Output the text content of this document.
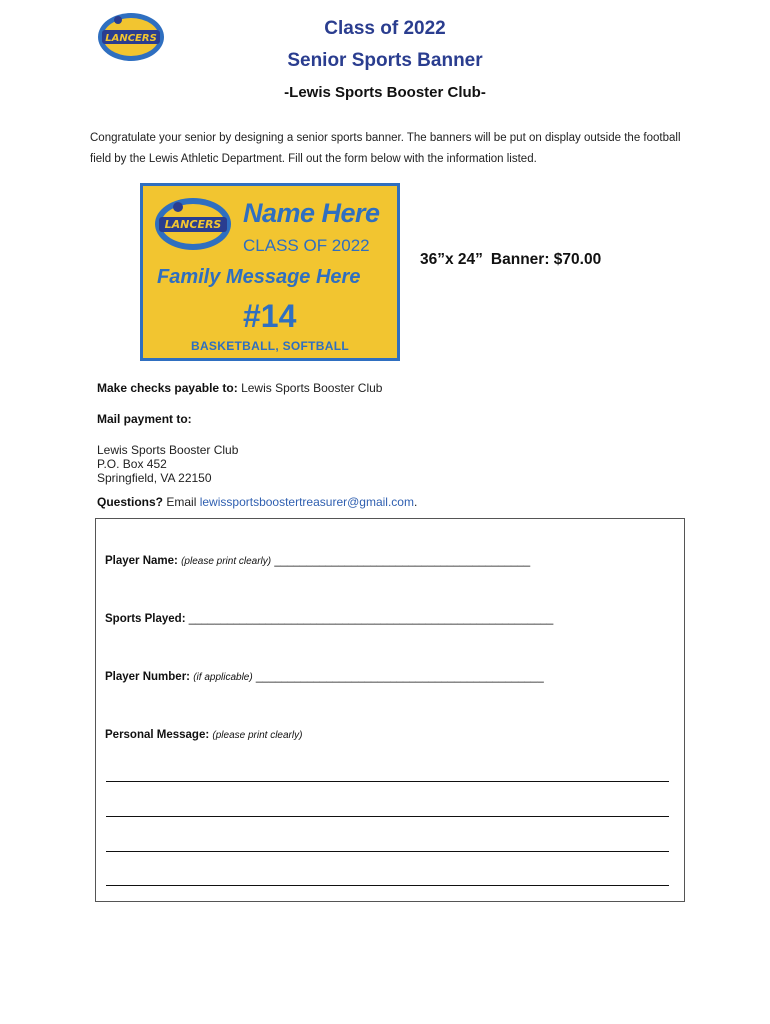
LANCERS	Class of 2022
Senior Sports Banner
-Lewis Sports Booster Club-
Congratulate your senior by designing a senior sports banner. The banners will be put on display outside the football field by the Lewis Athletic Department. Fill out the form below with the information listed.
LANCERS Name Here
CLASS OF 2022
Family Message Here
#14
BASKETBALL, SOFTBALL
36”x 24” Banner: $70.00
Make checks payable to: Lewis Sports Booster Club
Mail payment to:
Lewis Sports Booster Club
P.O. Box 452
Springfield, VA 22150
Questions? Email lewissportsboostertreasurer@gmail.com.
Player Name: (please print clearly) ________________________________________
Sports Played: _________________________________________________________
Player Number: (if applicable) _____________________________________________
Personal Message: (please print clearly)
